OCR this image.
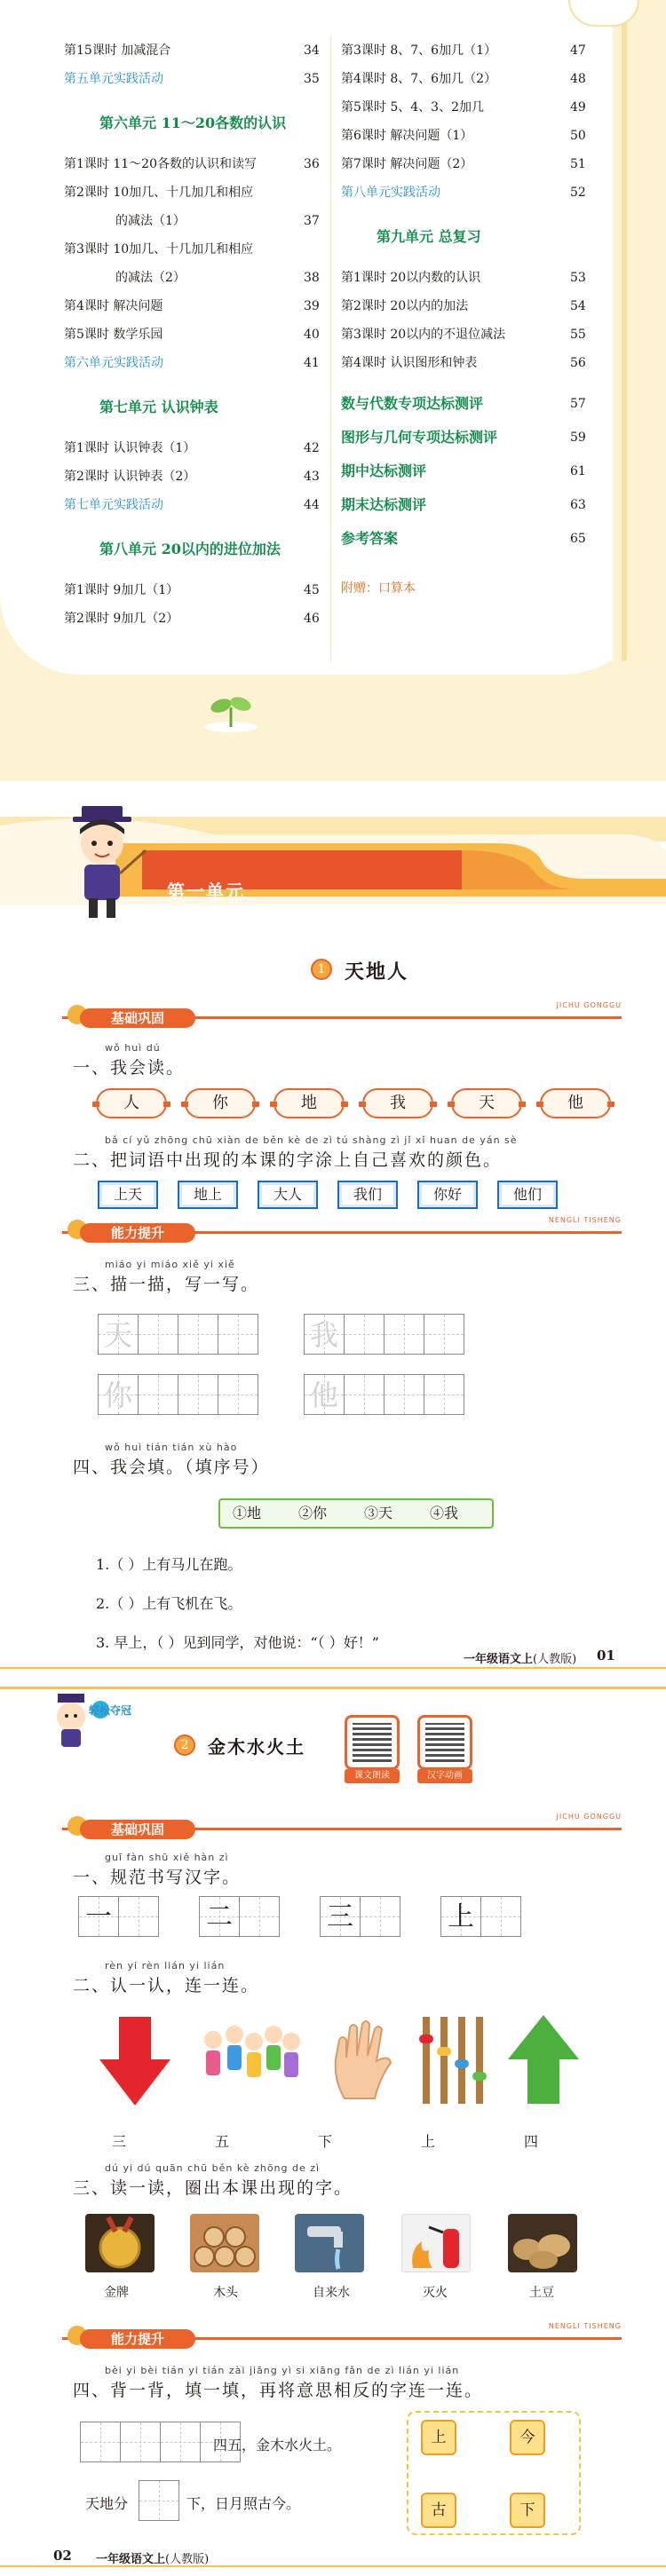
第15课时 加减混合	34
第五单元实践活动	35
第六单元 11～20各数的认识
第1课时 11～20各数的认识和读写	36
第2课时 10加几、十几加几和相应
的减法（1）	37
第3课时 10加几、十几加几和相应
的减法（2）	38
第4课时 解决问题	39
第5课时 数学乐园	40
第六单元实践活动	41
第七单元 认识钟表
第1课时 认识钟表（1）	42
第2课时 认识钟表（2）	43
第七单元实践活动	44
第八单元 20以内的进位加法
第1课时 9加几（1）	45
第2课时 9加几（2）	46
第3课时 8、7、6加几（1）	47
第4课时 8、7、6加几（2）	48
第5课时 5、4、3、2加几	49
第6课时 解决问题（1）	50
第7课时 解决问题（2）	51
第八单元实践活动	52
第九单元 总复习
第1课时 20以内数的认识	53
第2课时 20以内的加法	54
第3课时 20以内的不退位减法	55
第4课时 认识图形和钟表	56
数与代数专项达标测评	57
图形与几何专项达标测评	59
期中达标测评	61
期末达标测评	63
参考答案	65
附赠：口算本
第一单元
1 天地人
基础巩固
JICHU GONGGU
wǒ huì dú
一、我会读。
人	你	地	我	天	他
bǎ cí yǔ zhōng chū xiàn de běn kè de zì tú shàng zì jǐ xǐ huan de yán sè
二、把词语中出现的本课的字涂上自己喜欢的颜色。
上天	地上	大人	我们	你好	他们
能力提升
NENGLI TISHENG
miáo yi miáo xiě yi xiě
三、描一描，写一写。
天	我
你	他
wǒ huì tián tián xù hào
四、我会填。（填序号）
①地	②你	③天	④我
1.（ ）上有马儿在跑。
2.（ ）上有飞机在飞。
3. 早上，（ ）见到同学，对他说：“（ ）好！”
一年级语文上(人教版) 01
轻松夺冠
2	金木水火土
课文朗读	汉字动画
基础巩固
JICHU GONGGU
guī fàn shū xiě hàn zì
一、规范书写汉字。
一	二	三	上
rèn yi rèn lián yi lián
二、认一认，连一连。
三	五	下	上	四
dú yi dú quān chū běn kè zhōng de zì
三、读一读，圈出本课出现的字。
金牌	木头	自来水	灭火	土豆
能力提升
NENGLI TISHENG
bèi yi bèi tián yi tián zài jiāng yì si xiāng fǎn de zì lián yi lián
四、背一背，填一填，再将意思相反的字连一连。
四五，金木水火土。
天地分	下，日月照古今。
上	今
古	下
02 一年级语文上(人教版)
